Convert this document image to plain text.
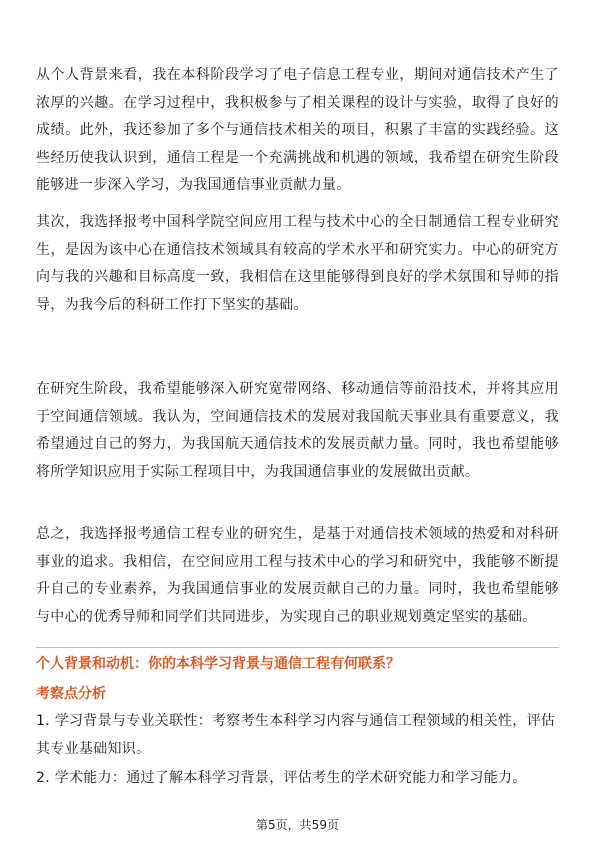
从个人背景来看，我在本科阶段学习了电子信息工程专业，期间对通信技术产生了浓厚的兴趣。在学习过程中，我积极参与了相关课程的设计与实验，取得了良好的成绩。此外，我还参加了多个与通信技术相关的项目，积累了丰富的实践经验。这些经历使我认识到，通信工程是一个充满挑战和机遇的领域，我希望在研究生阶段能够进一步深入学习，为我国通信事业贡献力量。

其次，我选择报考中国科学院空间应用工程与技术中心的全日制通信工程专业研究生，是因为该中心在通信技术领域具有较高的学术水平和研究实力。中心的研究方向与我的兴趣和目标高度一致，我相信在这里能够得到良好的学术氛围和导师的指导，为我今后的科研工作打下坚实的基础。

在研究生阶段，我希望能够深入研究宽带网络、移动通信等前沿技术，并将其应用于空间通信领域。我认为，空间通信技术的发展对我国航天事业具有重要意义，我希望通过自己的努力，为我国航天通信技术的发展贡献力量。同时，我也希望能够将所学知识应用于实际工程项目中，为我国通信事业的发展做出贡献。

总之，我选择报考通信工程专业的研究生，是基于对通信技术领域的热爱和对科研事业的追求。我相信，在空间应用工程与技术中心的学习和研究中，我能够不断提升自己的专业素养，为我国通信事业的发展贡献自己的力量。同时，我也希望能够与中心的优秀导师和同学们共同进步，为实现自己的职业规划奠定坚实的基础。

个人背景和动机：你的本科学习背景与通信工程有何联系？

考察点分析

1. 学习背景与专业关联性：考察考生本科学习内容与通信工程领域的相关性，评估其专业基础知识。

2. 学术能力：通过了解本科学习背景，评估考生的学术研究能力和学习能力。

第5页，共59页
